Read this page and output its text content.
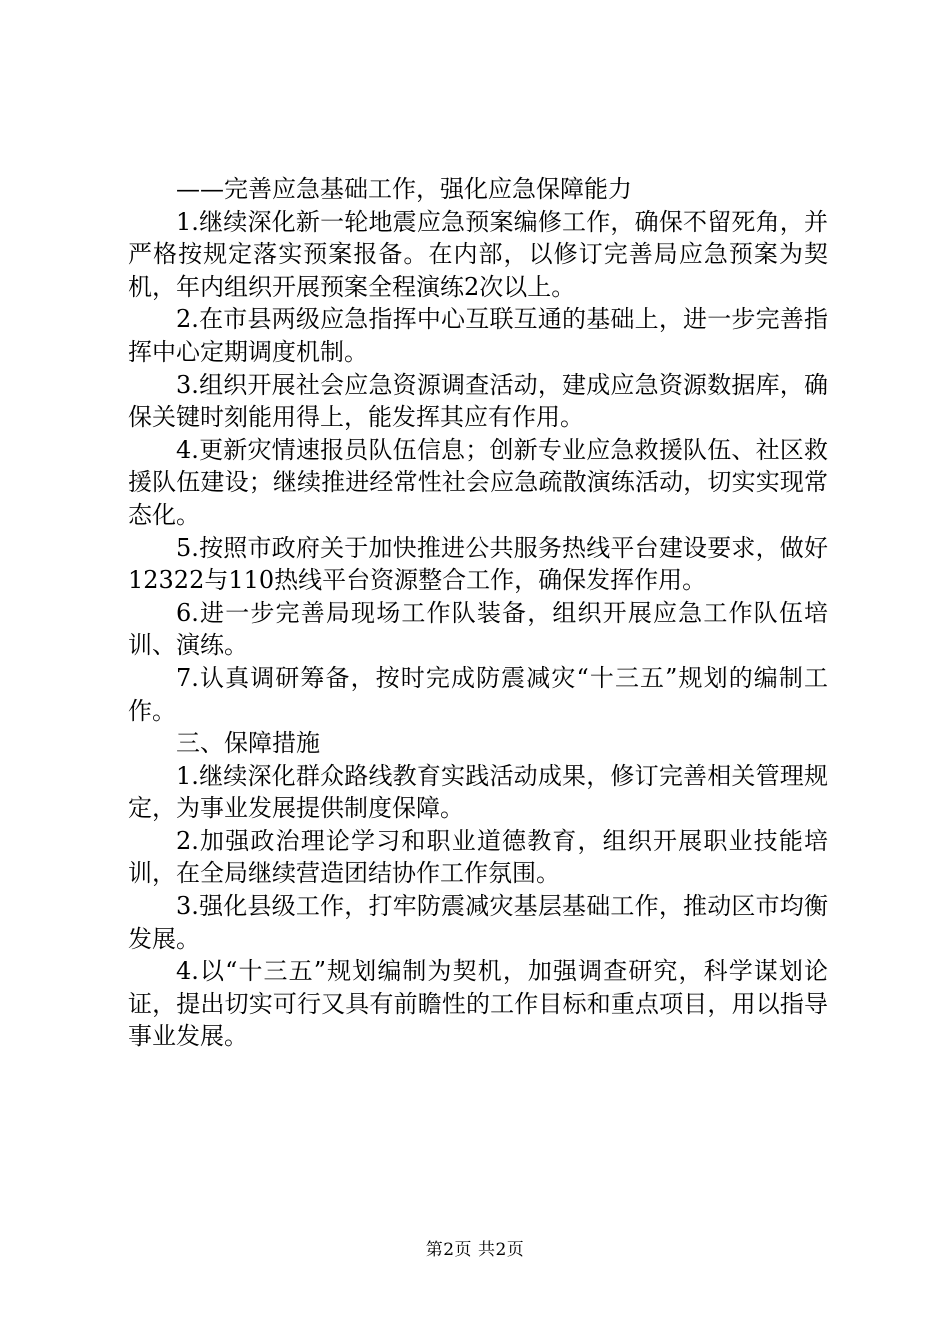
——完善应急基础工作，强化应急保障能力

1.继续深化新一轮地震应急预案编修工作，确保不留死角，并严格按规定落实预案报备。在内部，以修订完善局应急预案为契机，年内组织开展预案全程演练2次以上。

2.在市县两级应急指挥中心互联互通的基础上，进一步完善指挥中心定期调度机制。

3.组织开展社会应急资源调查活动，建成应急资源数据库，确保关键时刻能用得上，能发挥其应有作用。

4.更新灾情速报员队伍信息；创新专业应急救援队伍、社区救援队伍建设；继续推进经常性社会应急疏散演练活动，切实实现常态化。

5.按照市政府关于加快推进公共服务热线平台建设要求，做好12322与110热线平台资源整合工作，确保发挥作用。

6.进一步完善局现场工作队装备，组织开展应急工作队伍培训、演练。

7.认真调研筹备，按时完成防震减灾“十三五”规划的编制工作。

三、保障措施

1.继续深化群众路线教育实践活动成果，修订完善相关管理规定，为事业发展提供制度保障。

2.加强政治理论学习和职业道德教育，组织开展职业技能培训，在全局继续营造团结协作工作氛围。

3.强化县级工作，打牢防震减灾基层基础工作，推动区市均衡发展。

4.以“十三五”规划编制为契机，加强调查研究，科学谋划论证，提出切实可行又具有前瞻性的工作目标和重点项目，用以指导事业发展。

第2页 共2页
